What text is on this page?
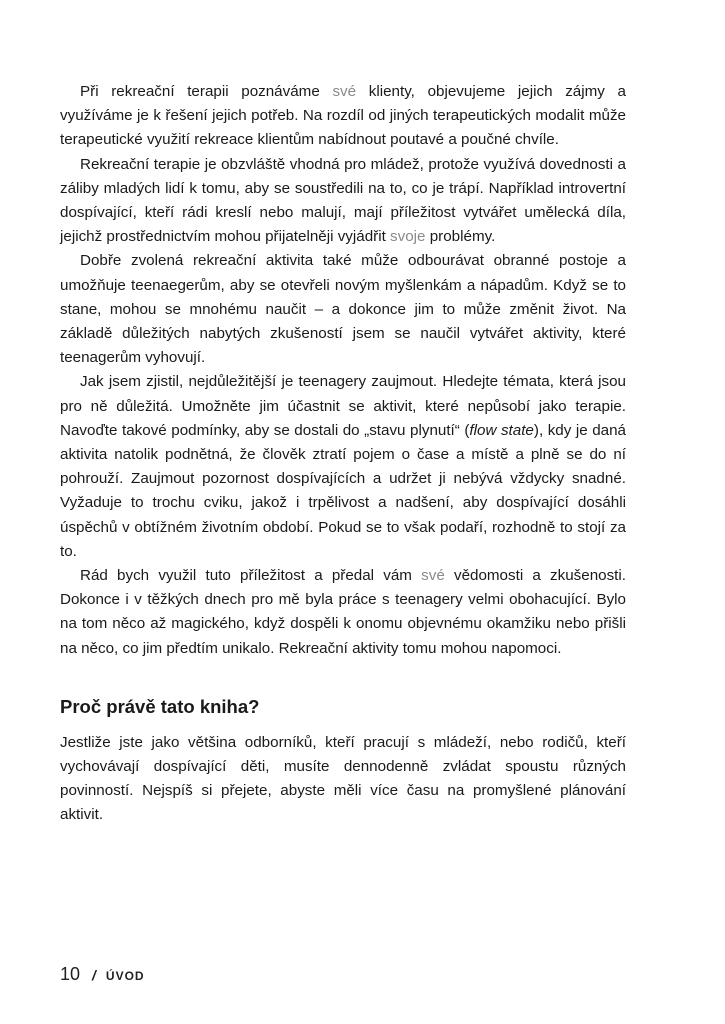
Při rekreační terapii poznáváme své klienty, objevujeme jejich zájmy a využíváme je k řešení jejich potřeb. Na rozdíl od jiných terapeutických modalit může terapeutické využití rekreace klientům nabídnout poutavé a poučné chvíle.

Rekreační terapie je obzvláště vhodná pro mládež, protože využívá dovednosti a záliby mladých lidí k tomu, aby se soustředili na to, co je trápí. Například introvertní dospívající, kteří rádi kreslí nebo malují, mají příležitost vytvářet umělecká díla, jejichž prostřednictvím mohou přijatelněji vyjádřit svoje problémy.

Dobře zvolená rekreační aktivita také může odbourávat obranné postoje a umožňuje teenaegerům, aby se otevřeli novým myšlenkám a nápadům. Když se to stane, mohou se mnohému naučit – a dokonce jim to může změnit život. Na základě důležitých nabytých zkušeností jsem se naučil vytvářet aktivity, které teenagerům vyhovují.

Jak jsem zjistil, nejdůležitější je teenagery zaujmout. Hledejte témata, která jsou pro ně důležitá. Umožněte jim účastnit se aktivit, které nepůsobí jako terapie. Navoďte takové podmínky, aby se dostali do „stavu plynutí“ (flow state), kdy je daná aktivita natolik podnětná, že člověk ztratí pojem o čase a místě a plně se do ní pohrouží. Zaujmout pozornost dospívajících a udržet ji nebývá vždycky snadné. Vyžaduje to trochu cviku, jakož i trpělivost a nadšení, aby dospívající dosáhli úspěchů v obtížném životním období. Pokud se to však podaří, rozhodně to stojí za to.

Rád bych využil tuto příležitost a předal vám své vědomosti a zkušenosti. Dokonce i v těžkých dnech pro mě byla práce s teenagery velmi obohacující. Bylo na tom něco až magického, když dospěli k onomu objevnému okamžiku nebo přišli na něco, co jim předtím unikalo. Rekreační aktivity tomu mohou napomoci.

Proč právě tato kniha?

Jestliže jste jako většina odborníků, kteří pracují s mládeží, nebo rodičů, kteří vychovávají dospívající děti, musíte dennodenně zvládat spoustu různých povinností. Nejspíš si přejete, abyste měli více času na promyšlené plánování aktivit.

10 / ÚVOD
